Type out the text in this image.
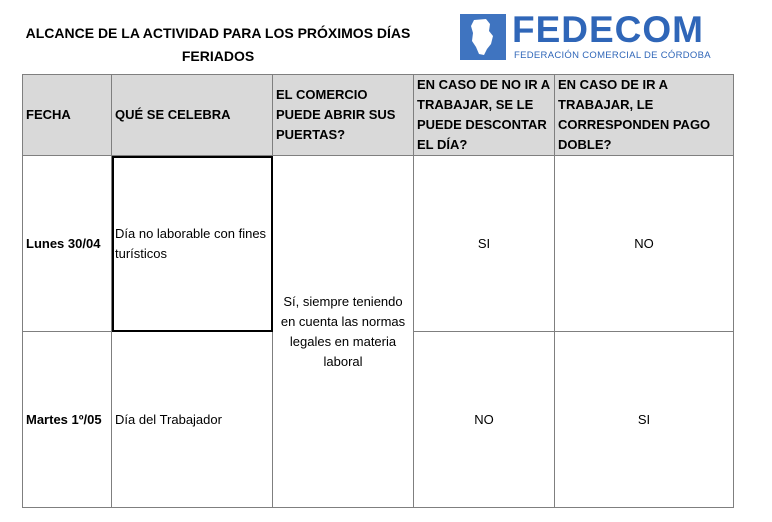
ALCANCE DE LA ACTIVIDAD PARA LOS PRÓXIMOS DÍAS FERIADOS
FEDECOM
FEDERACIÓN COMERCIAL DE CÓRDOBA
FECHA	QUÉ SE CELEBRA	EL COMERCIO PUEDE ABRIR SUS PUERTAS?	EN CASO DE NO IR A TRABAJAR, SE LE PUEDE DESCONTAR EL DÍA?	EN CASO DE IR A TRABAJAR, LE CORRESPONDEN PAGO DOBLE?
Lunes 30/04	Día no laborable con fines turísticos	Sí, siempre teniendo en cuenta las normas legales en materia laboral	SI	NO
Martes 1º/05	Día del Trabajador		NO	SI
